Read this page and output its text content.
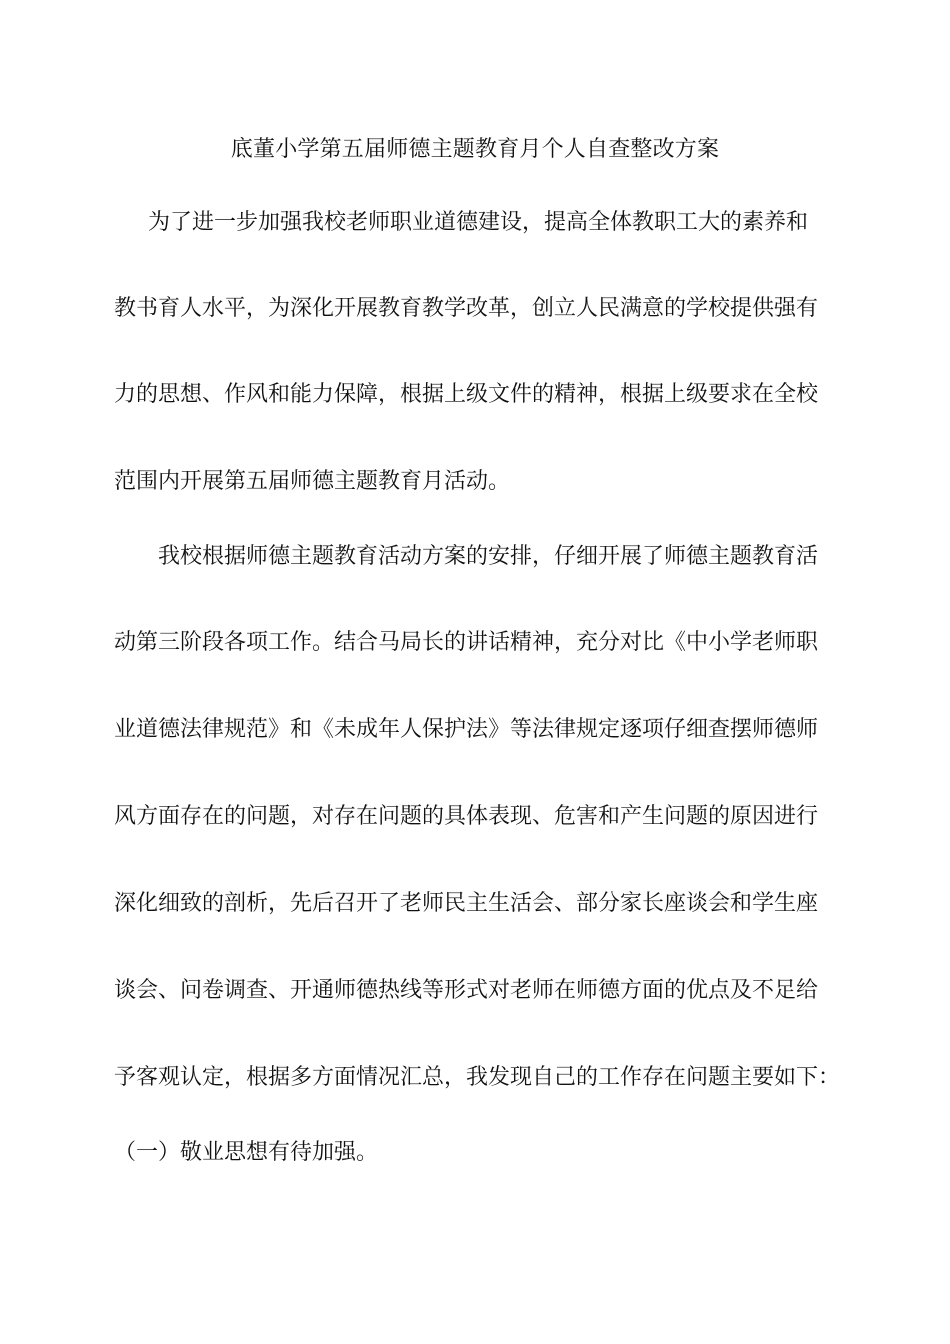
底董小学第五届师德主题教育月个人自查整改方案
为了进一步加强我校老师职业道德建设，提高全体教职工大的素养和
教书育人水平，为深化开展教育教学改革，创立人民满意的学校提供强有
力的思想、作风和能力保障，根据上级文件的精神，根据上级要求在全校
范围内开展第五届师德主题教育月活动。
我校根据师德主题教育活动方案的安排，仔细开展了师德主题教育活
动第三阶段各项工作。结合马局长的讲话精神，充分对比《中小学老师职
业道德法律规范》和《未成年人保护法》等法律规定逐项仔细查摆师德师
风方面存在的问题，对存在问题的具体表现、危害和产生问题的原因进行
深化细致的剖析，先后召开了老师民主生活会、部分家长座谈会和学生座
谈会、问卷调查、开通师德热线等形式对老师在师德方面的优点及不足给
予客观认定，根据多方面情况汇总，我发现自己的工作存在问题主要如下：
（一）敬业思想有待加强。
